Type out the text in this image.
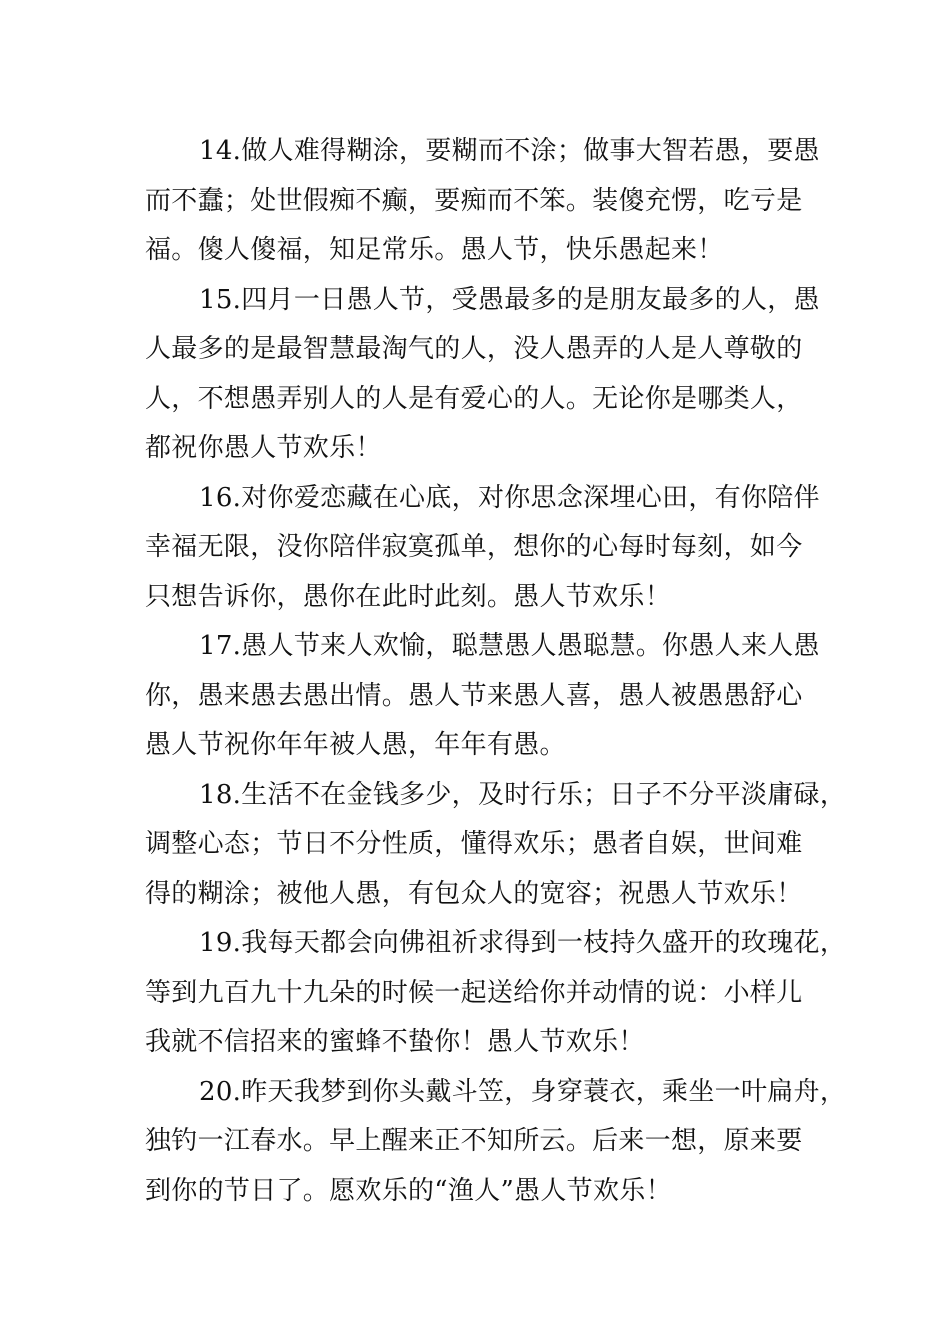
14.做人难得糊涂，要糊而不涂；做事大智若愚，要愚
而不蠢；处世假痴不癫，要痴而不笨。装傻充愣，吃亏是
福。傻人傻福，知足常乐。愚人节，快乐愚起来！

15.四月一日愚人节，受愚最多的是朋友最多的人，愚
人最多的是最智慧最淘气的人，没人愚弄的人是人尊敬的
人，不想愚弄别人的人是有爱心的人。无论你是哪类人，
都祝你愚人节欢乐！

16.对你爱恋藏在心底，对你思念深埋心田，有你陪伴
幸福无限，没你陪伴寂寞孤单，想你的心每时每刻，如今
只想告诉你，愚你在此时此刻。愚人节欢乐！

17.愚人节来人欢愉，聪慧愚人愚聪慧。你愚人来人愚
你，愚来愚去愚出情。愚人节来愚人喜，愚人被愚愚舒心
愚人节祝你年年被人愚，年年有愚。

18.生活不在金钱多少，及时行乐；日子不分平淡庸碌，
调整心态；节日不分性质，懂得欢乐；愚者自娱，世间难
得的糊涂；被他人愚，有包众人的宽容；祝愚人节欢乐！

19.我每天都会向佛祖祈求得到一枝持久盛开的玫瑰花，
等到九百九十九朵的时候一起送给你并动情的说：小样儿
我就不信招来的蜜蜂不蛰你！愚人节欢乐！

20.昨天我梦到你头戴斗笠，身穿蓑衣，乘坐一叶扁舟，
独钓一江春水。早上醒来正不知所云。后来一想，原来要
到你的节日了。愿欢乐的“渔人”愚人节欢乐！
